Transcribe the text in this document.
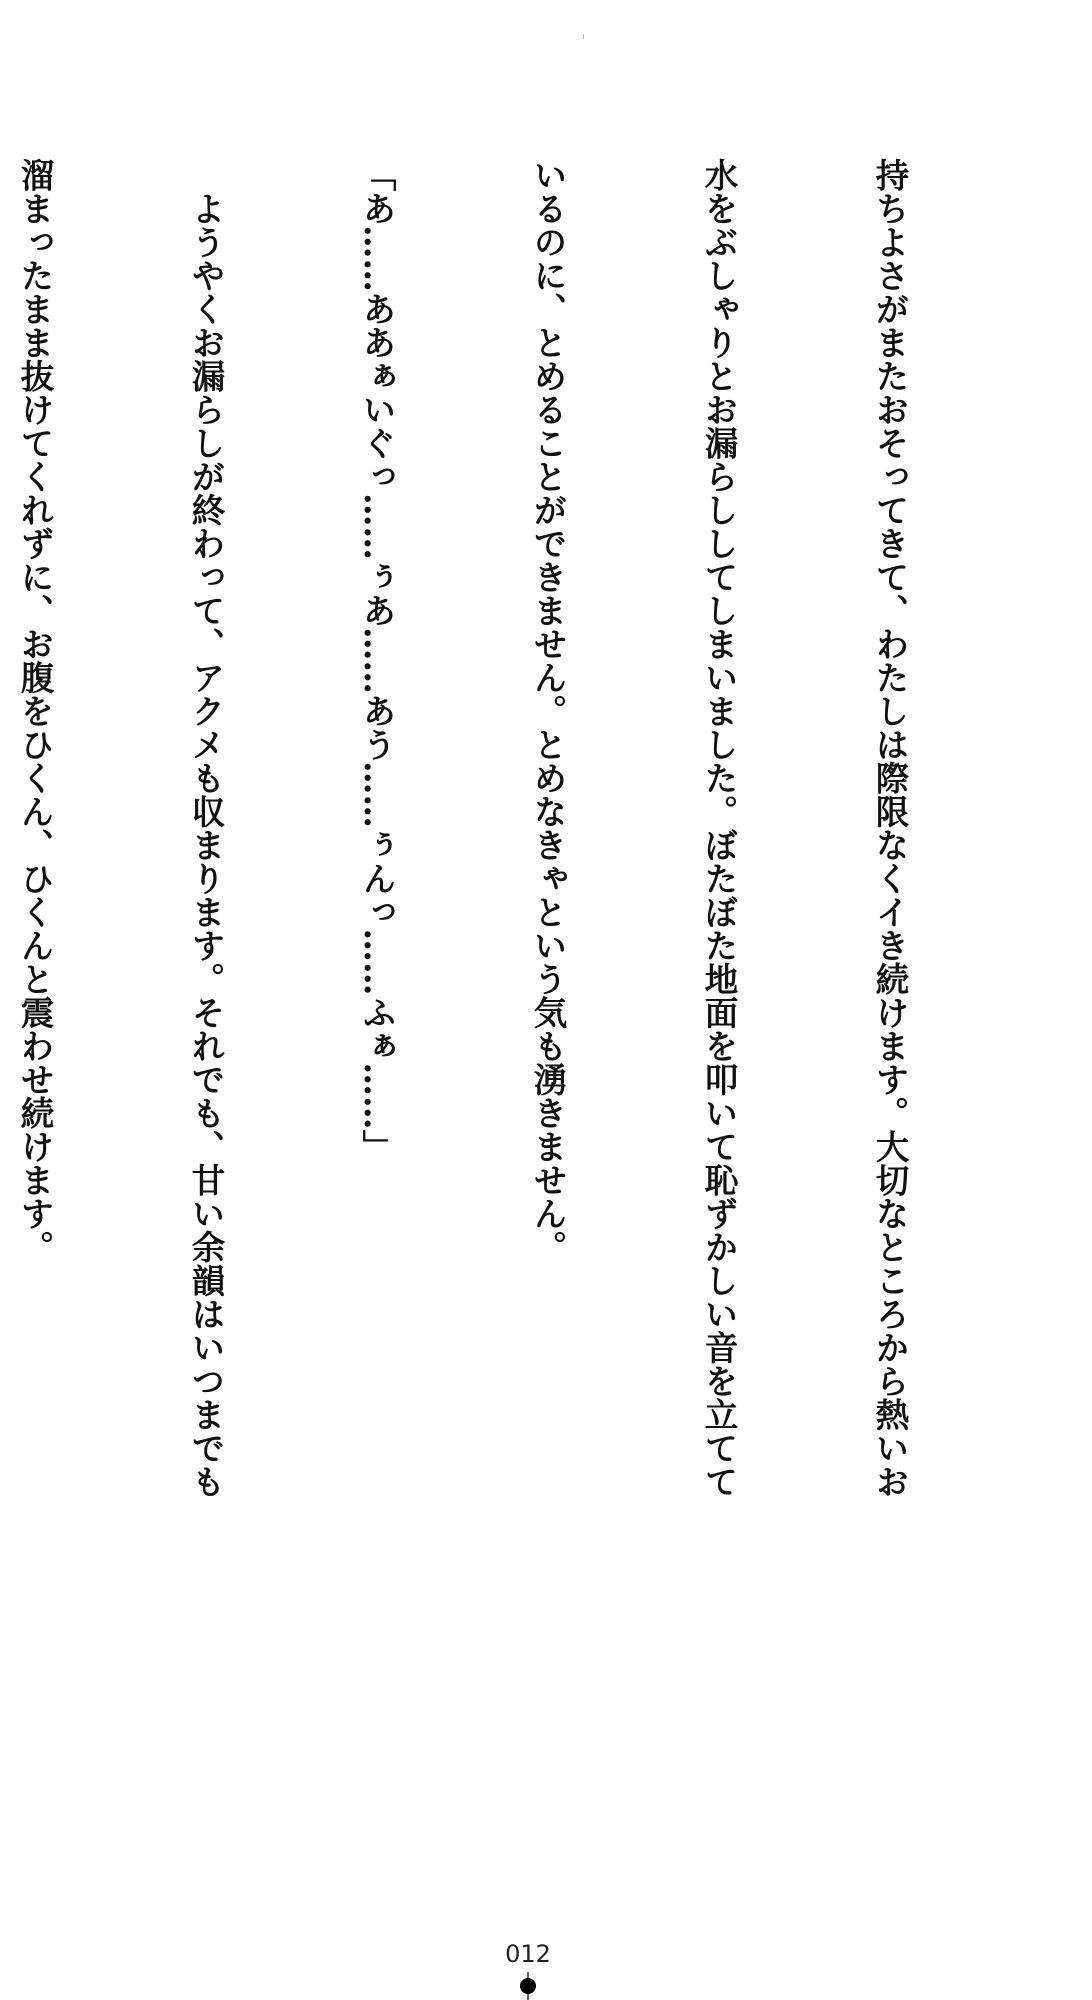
持ちよさがまたおそってきて、わたしは際限なくイき続けます。大切なところから熱いお

水をぶしゃりとお漏らししてしまいました。ぼたぼた地面を叩いて恥ずかしい音を立てて

いるのに、とめることができません。とめなきゃという気も湧きません。

「あ……ああぁいぐっ……ぅあ……あう……ぅんっ……ふぁ……」

　ようやくお漏らしが終わって、アクメも収まります。それでも、甘い余韻はいつまでも

溜まったまま抜けてくれずに、お腹をひくん、ひくんと震わせ続けます。

012
